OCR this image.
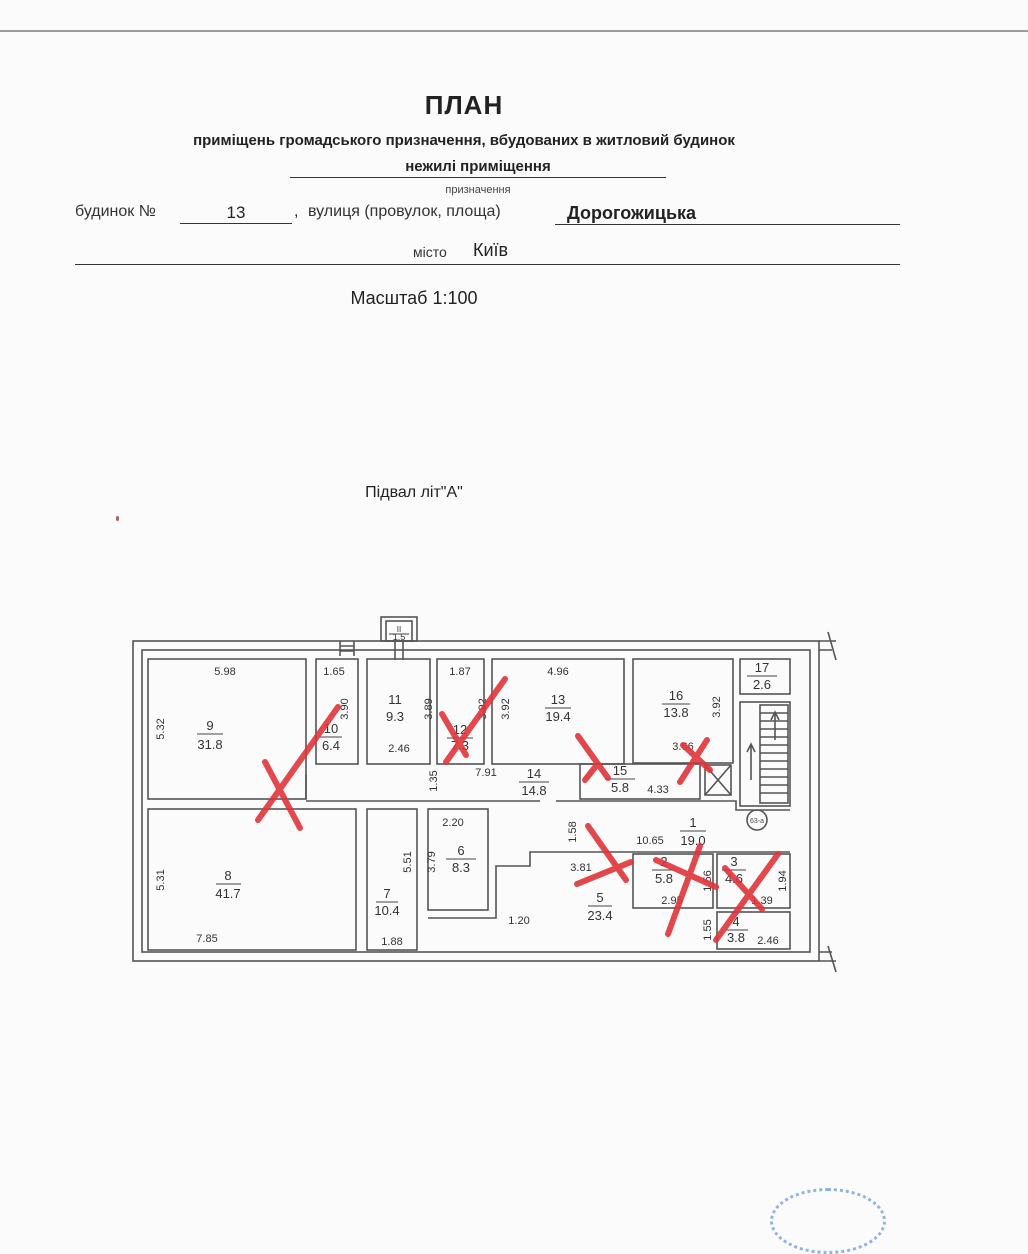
ПЛАН
приміщень громадського призначення, вбудованих в житловий будинок
нежилі приміщення
призначення
будинок №	13	, вулиця (провулок, площа)	Дорогожицька
місто Київ
Масштаб 1:100
Підвал літ"А"
63-а
9
31.8
10
6.4
11
9.3
12
7.3
13
19.4
16
13.8
17
2.6
II
1.5
14
14.8
15
5.8
8
41.7	7
10.4
6
8.3
5
23.4
1
19.0
2
5.8
3
4.6
4
3.8
5.98	1.65	1.87	4.96
2.46
7.91
3.66
4.33
7.85	1.88
2.20
1.20
3.81
10.65
2.95	1.39
2.46
5.32
3.90	3.89	3.92 3.92	3.92
1.35
5.31
5.51 3.79
1.58
1.56	1.94
1.55
